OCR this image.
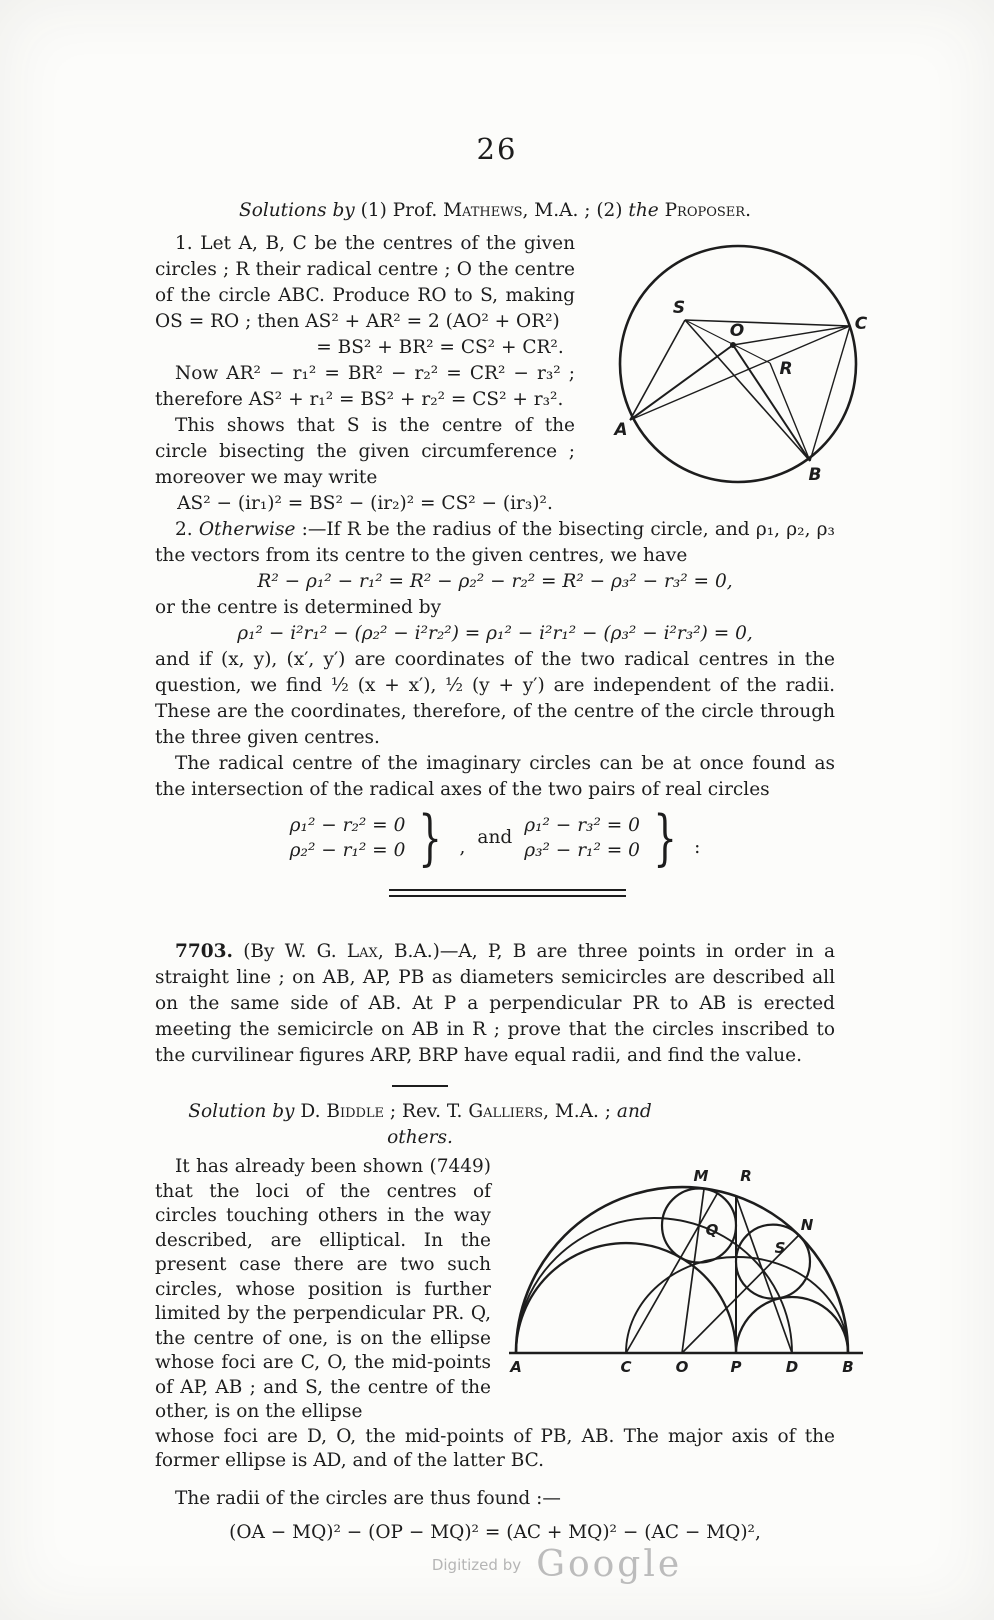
26
Solutions by (1) Prof. Mathews, M.A. ; (2) the Proposer.
S
O
R
C
A
B

1. Let A, B, C be the centres of the given circles ; R their radical centre ; O the centre of the circle ABC. Produce RO to S, making OS = RO ; then AS² + AR² = 2 (AO² + OR²)

= BS² + BR² = CS² + CR².

Now AR² − r₁² = BR² − r₂² = CR² − r₃² ; therefore AS² + r₁² = BS² + r₂² = CS² + r₃².

This shows that S is the centre of the circle bisecting the given circumference ; moreover we may write

AS² − (ir₁)² = BS² − (ir₂)² = CS² − (ir₃)².

2. Otherwise :—If R be the radius of the bisecting circle, and ρ₁, ρ₂, ρ₃ the vectors from its centre to the given centres, we have

R² − ρ₁² − r₁² = R² − ρ₂² − r₂² = R² − ρ₃² − r₃² = 0,

or the centre is determined by

ρ₁² − i²r₁² − (ρ₂² − i²r₂²) = ρ₁² − i²r₁² − (ρ₃² − i²r₃²) = 0,

and if (x, y), (x′, y′) are coordinates of the two radical centres in the question, we find ½ (x + x′), ½ (y + y′) are independent of the radii. These are the coordinates, therefore, of the centre of the circle through the three given centres.

The radical centre of the imaginary circles can be at once found as the intersection of the radical axes of the two pairs of real circles

ρ₁² − r₂² = 0
ρ₂² − r₁² = 0 } , and
ρ₁² − r₃² = 0
ρ₃² − r₁² = 0 } :

7703. (By W. G. Lax, B.A.)—A, P, B are three points in order in a straight line ; on AB, AP, PB as diameters semicircles are described all on the same side of AB. At P a perpendicular PR to AB is erected meeting the semicircle on AB in R ; prove that the circles inscribed to the curvilinear figures ARP, BRP have equal radii, and find the value.

Solution by D. Biddle ; Rev. T. Galliers, M.A. ; and others.
M R
Q
S
N
A	C	O	P	D	B

It has already been shown (7449) that the loci of the centres of circles touching others in the way described, are elliptical. In the present case there are two such circles, whose position is further limited by the perpendicular PR. Q, the centre of one, is on the ellipse whose foci are C, O, the mid-points of AP, AB ; and S, the centre of the other, is on the ellipse

whose foci are D, O, the mid-points of PB, AB. The major axis of the former ellipse is AD, and of the latter BC.

The radii of the circles are thus found :—

(OA − MQ)² − (OP − MQ)² = (AC + MQ)² − (AC − MQ)²,
Digitized by Google
